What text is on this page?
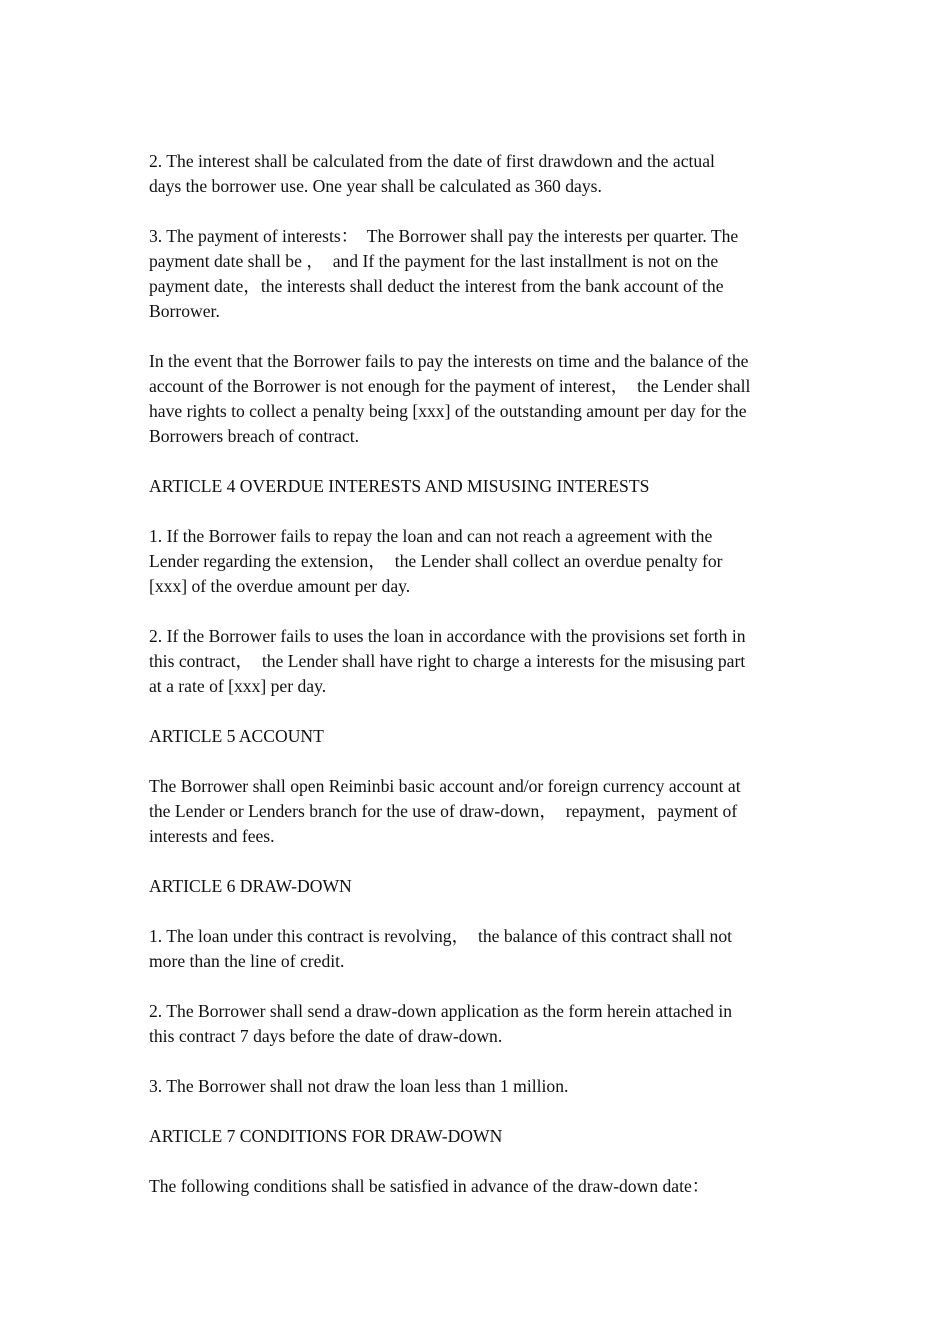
2. The interest shall be calculated from the date of first drawdown and the actual
days the borrower use. One year shall be calculated as 360 days.

3. The payment of interests：  The Borrower shall pay the interests per quarter. The
payment date shall be ，  and If the payment for the last installment is not on the
payment date，the interests shall deduct the interest from the bank account of the
Borrower.

In the event that the Borrower fails to pay the interests on time and the balance of the
account of the Borrower is not enough for the payment of interest，  the Lender shall
have rights to collect a penalty being [xxx] of the outstanding amount per day for the
Borrowers breach of contract.

ARTICLE 4 OVERDUE INTERESTS AND MISUSING INTERESTS

1. If the Borrower fails to repay the loan and can not reach a agreement with the
Lender regarding the extension，  the Lender shall collect an overdue penalty for
[xxx] of the overdue amount per day.

2. If the Borrower fails to uses the loan in accordance with the provisions set forth in
this contract，  the Lender shall have right to charge a interests for the misusing part
at a rate of [xxx] per day.

ARTICLE 5 ACCOUNT

The Borrower shall open Reiminbi basic account and/or foreign currency account at
the Lender or Lenders branch for the use of draw-down，  repayment，payment of
interests and fees.

ARTICLE 6 DRAW-DOWN

1. The loan under this contract is revolving，  the balance of this contract shall not
more than the line of credit.

2. The Borrower shall send a draw-down application as the form herein attached in
this contract 7 days before the date of draw-down.

3. The Borrower shall not draw the loan less than 1 million.

ARTICLE 7 CONDITIONS FOR DRAW-DOWN

The following conditions shall be satisfied in advance of the draw-down date：
